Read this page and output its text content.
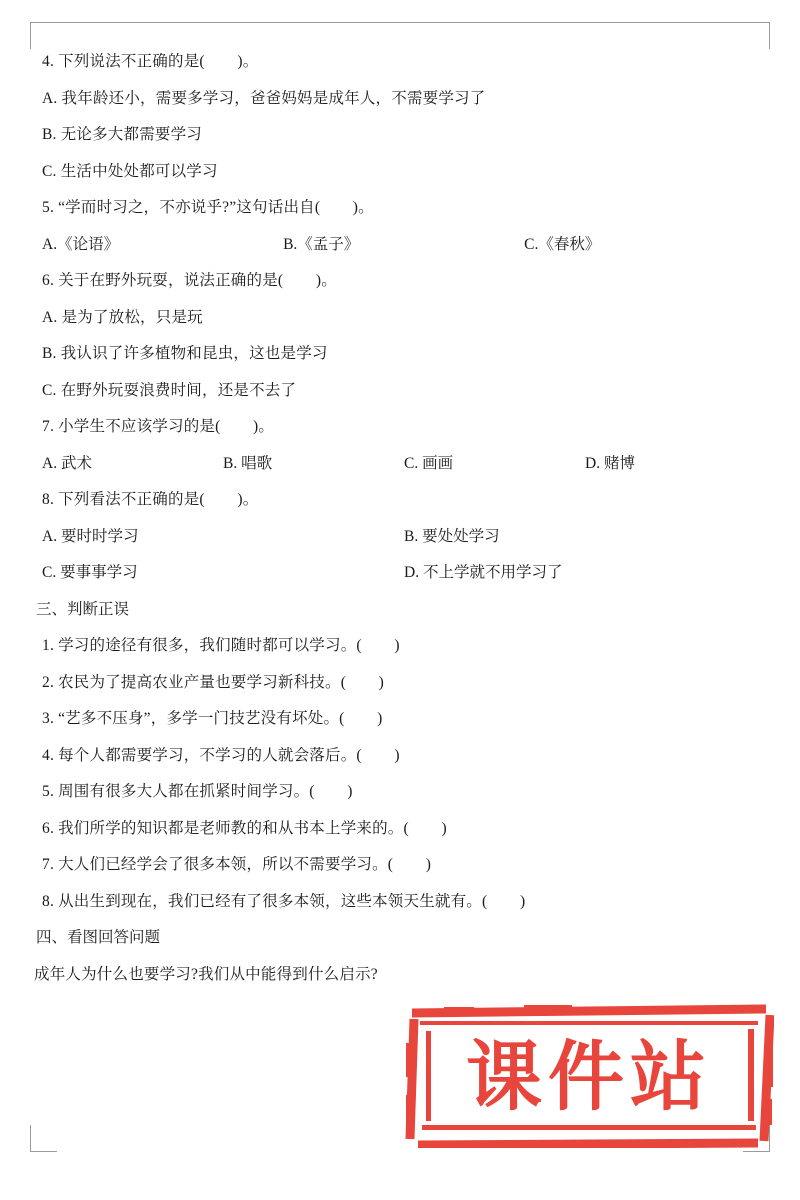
4. 下列说法不正确的是(        )。

A. 我年龄还小，需要多学习，爸爸妈妈是成年人，不需要学习了

B. 无论多大都需要学习

C. 生活中处处都可以学习

5. “学而时习之，不亦说乎?”这句话出自(        )。

A.《论语》	B.《孟子》	C.《春秋》

6. 关于在野外玩耍，说法正确的是(        )。

A. 是为了放松，只是玩

B. 我认识了许多植物和昆虫，这也是学习

C. 在野外玩耍浪费时间，还是不去了

7. 小学生不应该学习的是(        )。

A. 武术	B. 唱歌	C. 画画	D. 赌博

8. 下列看法不正确的是(        )。

A. 要时时学习	B. 要处处学习
C. 要事事学习	D. 不上学就不用学习了

三、判断正误

1. 学习的途径有很多，我们随时都可以学习。(        )

2. 农民为了提高农业产量也要学习新科技。(        )

3. “艺多不压身”，多学一门技艺没有坏处。(        )

4. 每个人都需要学习，不学习的人就会落后。(        )

5. 周围有很多大人都在抓紧时间学习。(        )

6. 我们所学的知识都是老师教的和从书本上学来的。(        )

7. 大人们已经学会了很多本领，所以不需要学习。(        )

8. 从出生到现在，我们已经有了很多本领，这些本领天生就有。(        )

四、看图回答问题

成年人为什么也要学习?我们从中能得到什么启示?

课件站
